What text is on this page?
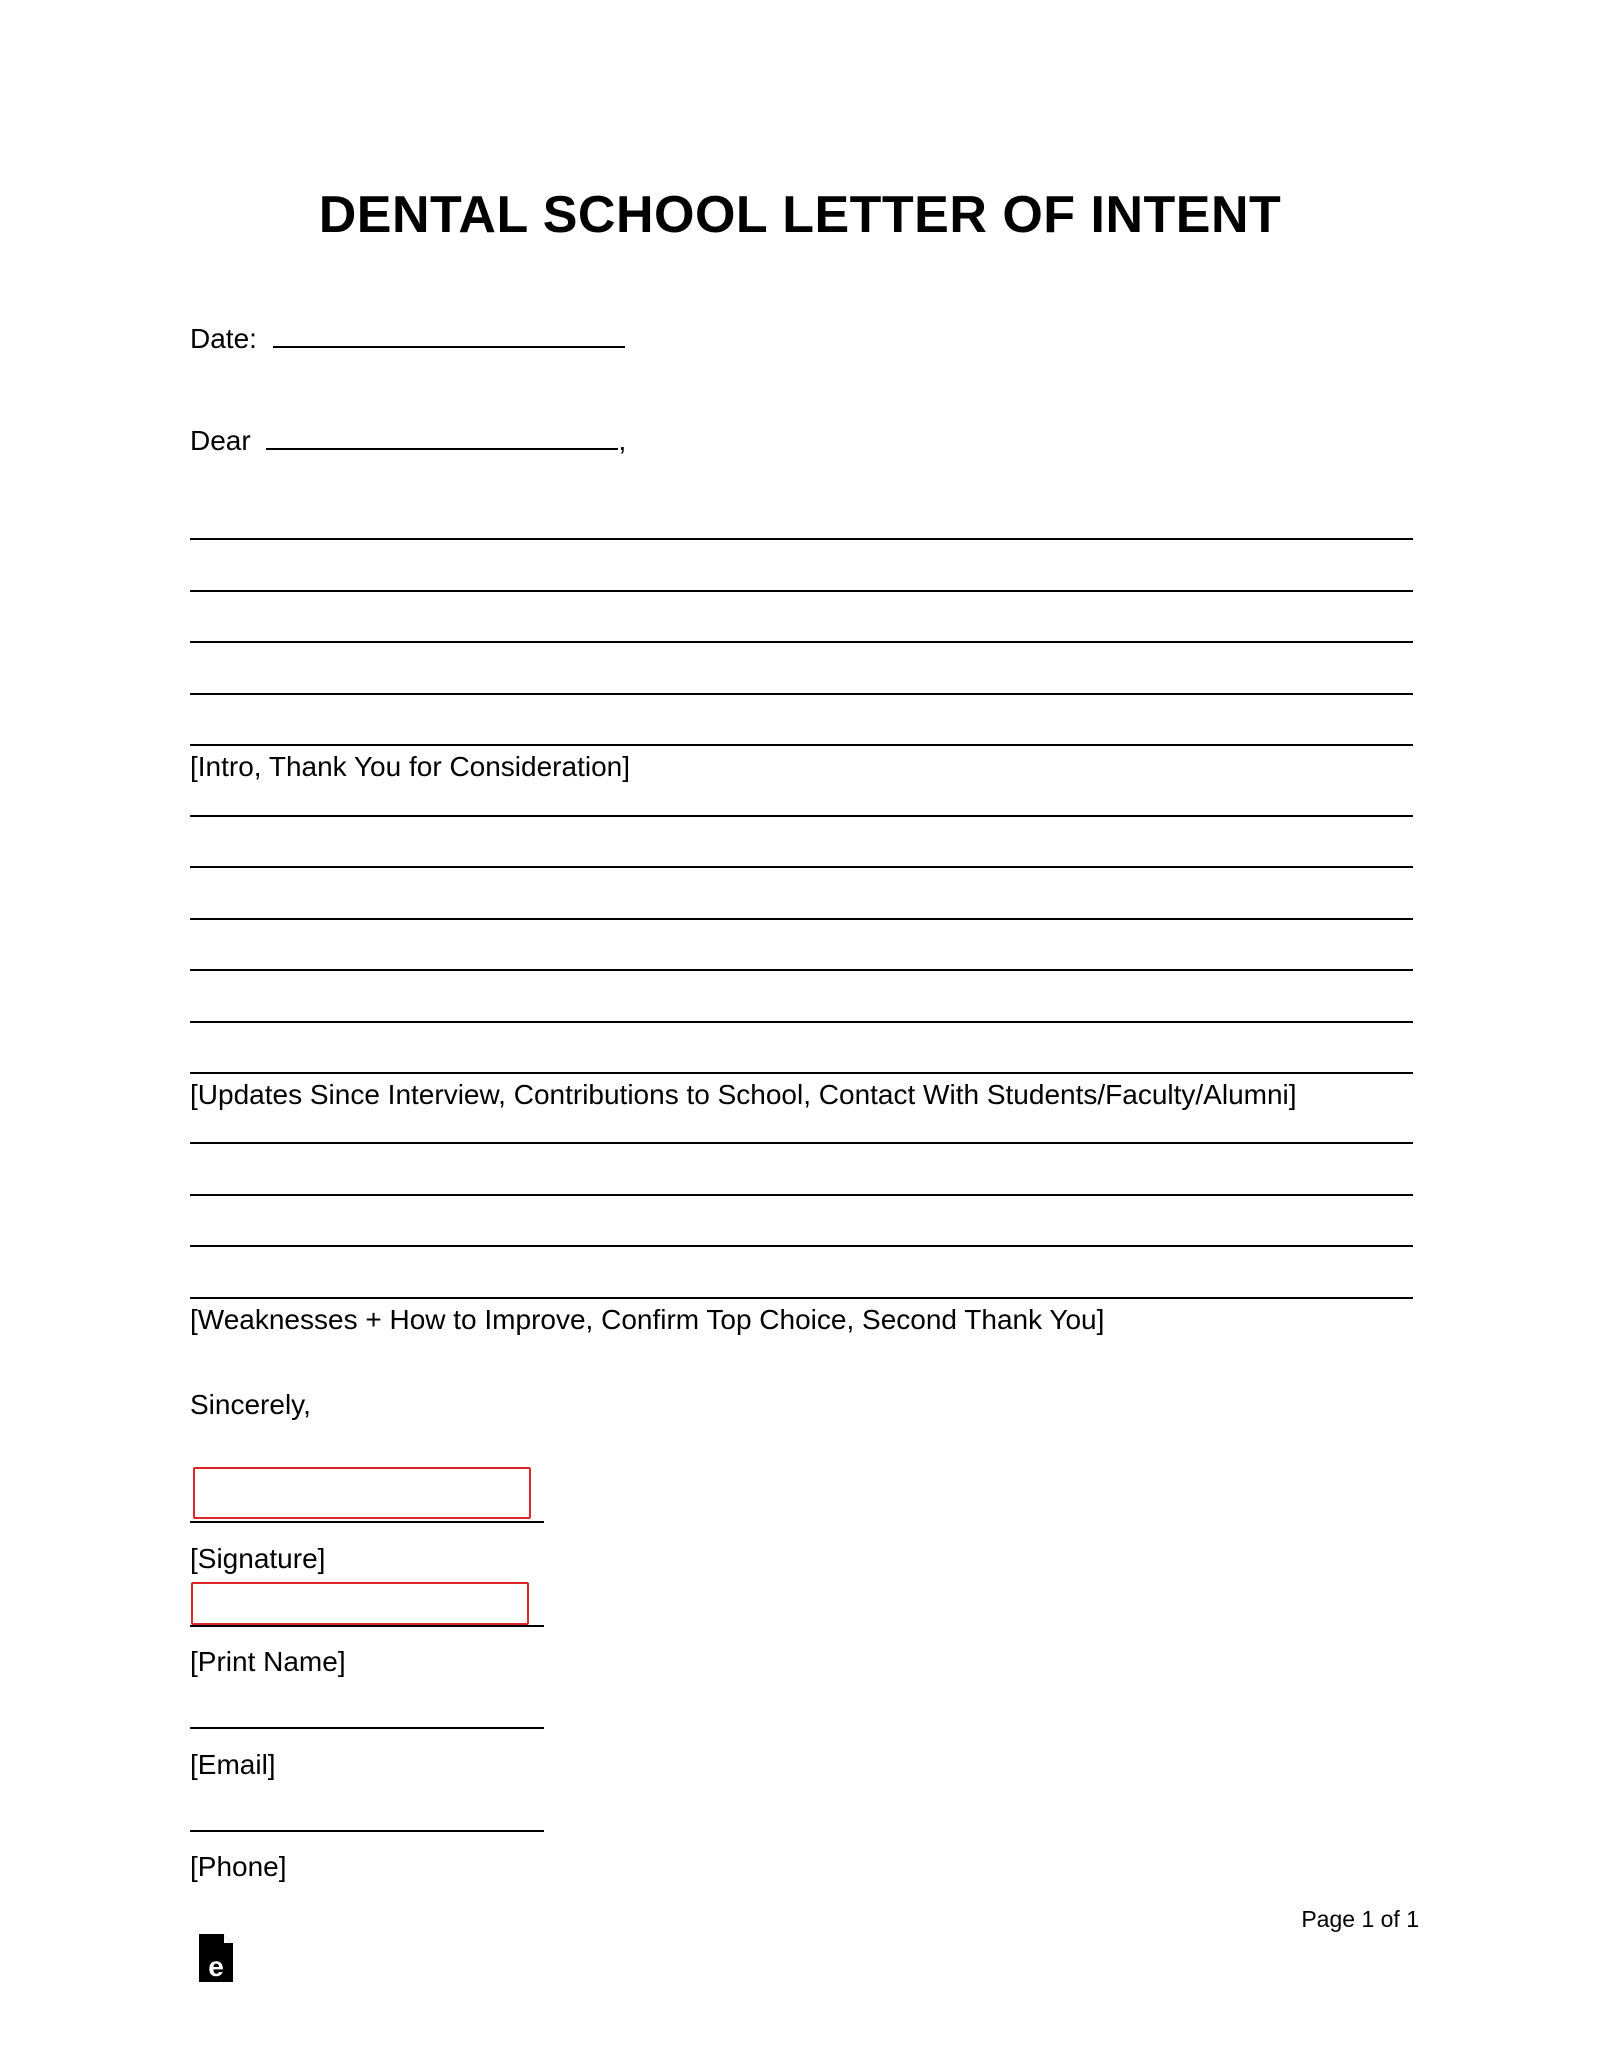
DENTAL SCHOOL LETTER OF INTENT
Date:
Dear	,
[Intro, Thank You for Consideration]
[Updates Since Interview, Contributions to School, Contact With Students/Faculty/Alumni]
[Weaknesses + How to Improve, Confirm Top Choice, Second Thank You]
Sincerely,
[Signature]
[Print Name]
[Email]
[Phone]
Page 1 of 1
e
